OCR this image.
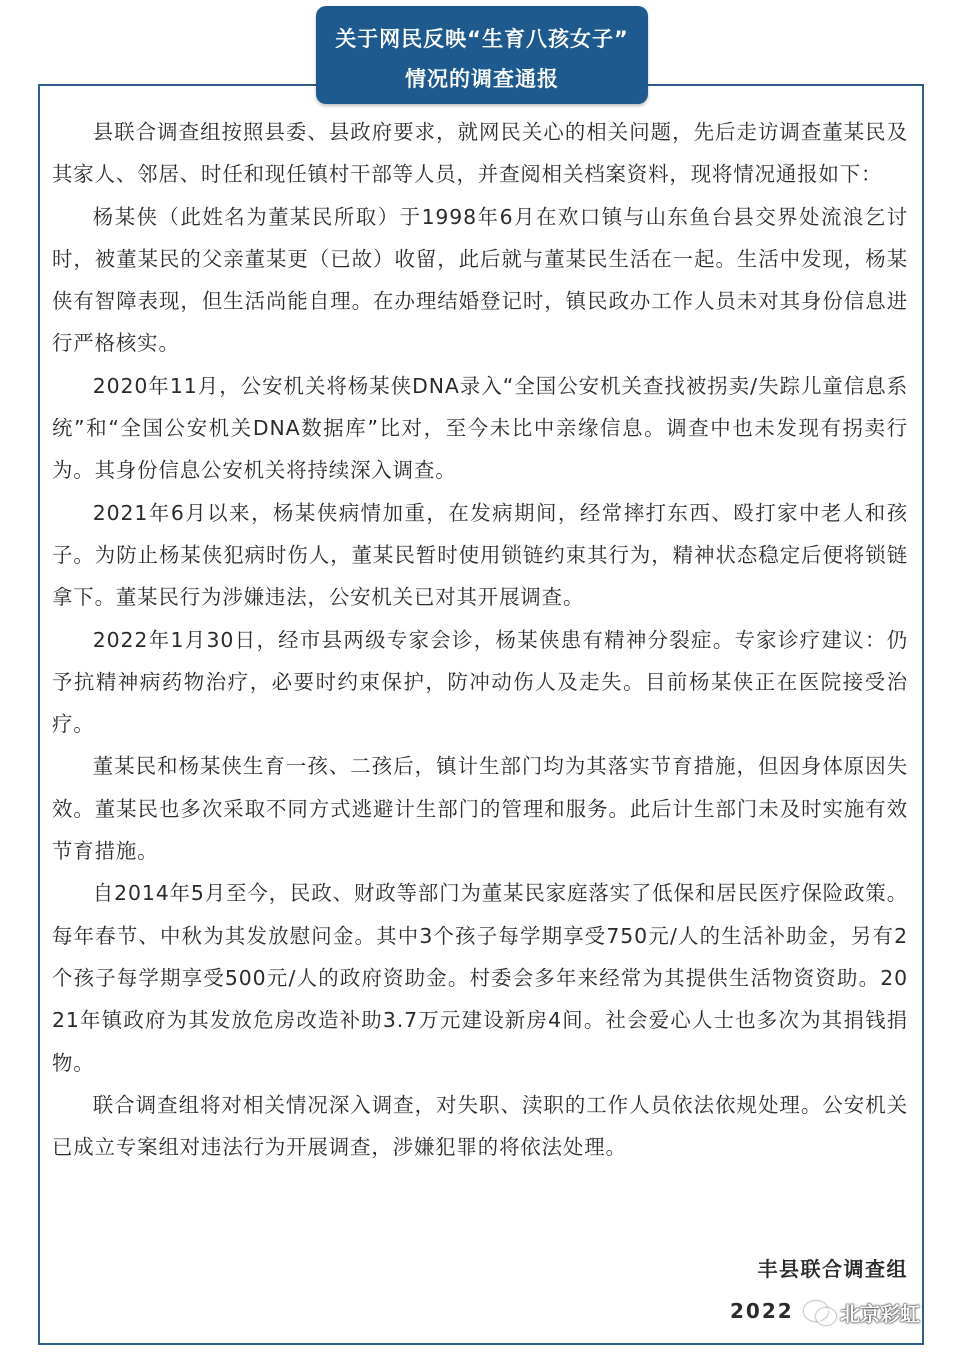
关于网民反映“生育八孩女子”
情况的调查通报

县联合调查组按照县委、县政府要求，就网民关心的相关问题，先后走访调查董某民及其家人、邻居、时任和现任镇村干部等人员，并查阅相关档案资料，现将情况通报如下：

杨某侠（此姓名为董某民所取）于1998年6月在欢口镇与山东鱼台县交界处流浪乞讨时，被董某民的父亲董某更（已故）收留，此后就与董某民生活在一起。生活中发现，杨某侠有智障表现，但生活尚能自理。在办理结婚登记时，镇民政办工作人员未对其身份信息进行严格核实。

2020年11月，公安机关将杨某侠DNA录入“全国公安机关查找被拐卖/失踪儿童信息系统”和“全国公安机关DNA数据库”比对，至今未比中亲缘信息。调查中也未发现有拐卖行为。其身份信息公安机关将持续深入调查。

2021年6月以来，杨某侠病情加重，在发病期间，经常摔打东西、殴打家中老人和孩子。为防止杨某侠犯病时伤人，董某民暂时使用锁链约束其行为，精神状态稳定后便将锁链拿下。董某民行为涉嫌违法，公安机关已对其开展调查。

2022年1月30日，经市县两级专家会诊，杨某侠患有精神分裂症。专家诊疗建议：仍予抗精神病药物治疗，必要时约束保护，防冲动伤人及走失。目前杨某侠正在医院接受治疗。

董某民和杨某侠生育一孩、二孩后，镇计生部门均为其落实节育措施，但因身体原因失效。董某民也多次采取不同方式逃避计生部门的管理和服务。此后计生部门未及时实施有效节育措施。

自2014年5月至今，民政、财政等部门为董某民家庭落实了低保和居民医疗保险政策。每年春节、中秋为其发放慰问金。其中3个孩子每学期享受750元/人的生活补助金，另有2个孩子每学期享受500元/人的政府资助金。村委会多年来经常为其提供生活物资资助。2021年镇政府为其发放危房改造补助3.7万元建设新房4间。社会爱心人士也多次为其捐钱捐物。

联合调查组将对相关情况深入调查，对失职、渎职的工作人员依法依规处理。公安机关已成立专案组对违法行为开展调查，涉嫌犯罪的将依法处理。

丰县联合调查组
2022 北京彩虹
